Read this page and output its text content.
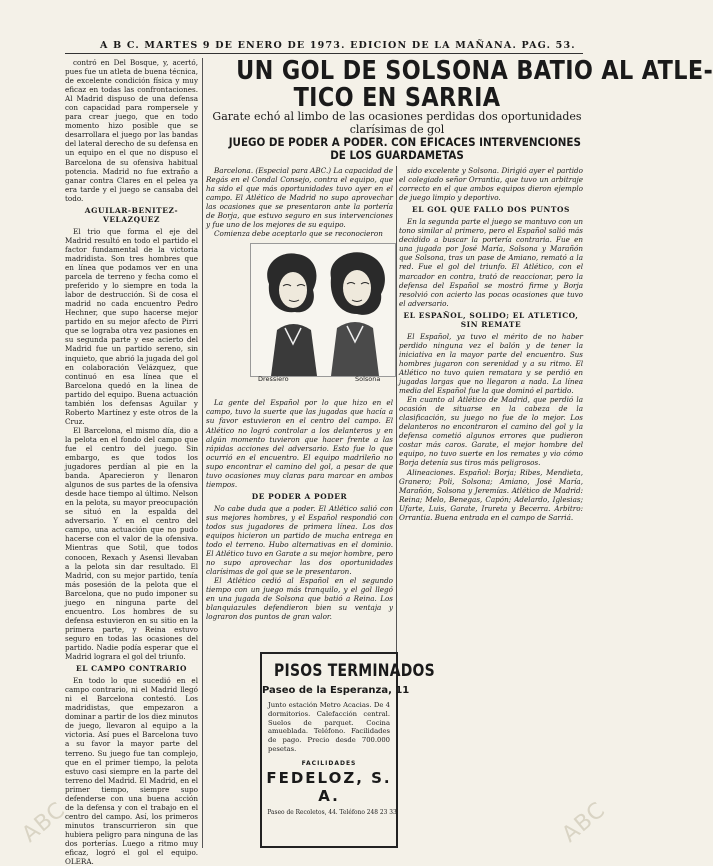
A B C. MARTES 9 DE ENERO DE 1973. EDICION DE LA MAÑANA. PAG. 53.

contró en Del Bosque, y, acertó, pues fue un atleta de buena técnica, de excelente condición física y muy eficaz en todas las confrontaciones. Al Madrid dispuso de una defensa con capacidad para rompersele y para crear juego, que en todo momento hizo posible que se desarrollara el juego por las bandas del lateral derecho de su defensa en un equipo en el que no dispuso el Barcelona de su ofensiva habitual potencia. Madrid no fue extraño a ganar contra Clares en el pelea ya era tarde y el juego se cansaba del todo.

AGUILAR-BENITEZ-VELAZQUEZ

El trio que forma el eje del Madrid resultó en todo el partido el factor fundamental de la victoria madridista. Son tres hombres que en línea que podamos ver en una parcela de terreno y fecha como el preferido y lo siempre en toda la labor de destrucción. Si de cosa el madrid no cada encuentro Pedro Hechner, que supo hacerse mejor partido en su mejor afecto de Pirri que se lograba otra vez pasiones en su segunda parte y ese acierto del Madrid fue un partido sereno, sin inquieto, que abrió la jugada del gol en colaboración Velázquez, que continuó en esa línea que el Barcelona quedó en la linea de partido del equipo. Buena actuación también los defensas Aguilar y Roberto Martínez y este otros de la Cruz.

El Barcelona, el mismo día, dio a la pelota en el fondo del campo que fue el centro del juego. Sin embargo, es que todos los jugadores perdían al pie en la banda. Aparecieron y llenaron algunos de sus partes de la ofensiva desde hace tiempo al último. Nelson en la pelota, su mayor preocupación se situó en la espalda del adversario. Y en el centro del campo, una actuación que no pudo hacerse con el valor de la ofensiva. Mientras que Sotil, que todos conocen, Rexach y Asensi llevaban a la pelota sin dar resultado. El Madrid, con su mejor partido, tenía más posesión de la pelota que el Barcelona, que no pudo imponer su juego en ninguna parte del encuentro. Los hombres de su defensa estuvieron en su sitio en la primera parte, y Reina estuvo seguro en todas las ocasiones del partido. Nadie podía esperar que el Madrid lograra el gol del triunfo.

EL CAMPO CONTRARIO

En todo lo que sucedió en el campo contrario, ni el Madrid llegó ni el Barcelona contestó. Los madridistas, que empezaron a dominar a partir de los diez minutos de juego, llevaron al equipo a la victoria. Así pues el Barcelona tuvo a su favor la mayor parte del terreno. Su juego fue tan complejo, que en el primer tiempo, la pelota estuvo casi siempre en la parte del terreno del Madrid. El Madrid, en el primer tiempo, siempre supo defenderse con una buena acción de la defensa y con el trabajo en el centro del campo. Así, los primeros minutos transcurrieron sin que hubiera peligro para ninguna de las dos porterías. Luego a ritmo muy eficaz, logró el gol el equipo. OLERA.

UN GOL DE SOLSONA BATIO AL ATLE-
TICO EN SARRIA
Garate echó al limbo de las ocasiones perdidas dos oportunidades clarísimas de gol
JUEGO DE PODER A PODER. CON EFICACES INTERVENCIONES
DE LOS GUARDAMETAS

Barcelona. (Especial para ABC.) La capacidad de Regás en el Condal Consejo, contra el equipo, que ha sido el que más oportunidades tuvo ayer en el campo. El Atlético de Madrid no supo aprovechar las ocasiones que se presentaron ante la portería de Borja, que estuvo seguro en sus intervenciones y fue uno de los mejores de su equipo.

Comienza debe aceptarlo que se reconocieron

La gente del Español por lo que hizo en el campo, tuvo la suerte que las jugadas que hacía a su favor estuvieron en el centro del campo. El Atlético no logró controlar a los delanteros y en algún momento tuvieron que hacer frente a las rápidas acciones del adversario. Esto fue lo que ocurrió en el encuentro. El equipo madrileño no supo encontrar el camino del gol, a pesar de que tuvo ocasiones muy claras para marcar en ambos tiempos.

DE PODER A PODER

No cabe duda que a poder. El Atlético salió con sus mejores hombres, y el Español respondió con todos sus jugadores de primera línea. Los dos equipos hicieron un partido de mucha entrega en todo el terreno. Hubo alternativas en el dominio. El Atlético tuvo en Garate a su mejor hombre, pero no supo aprovechar las dos oportunidades clarísimas de gol que se le presentaron.

El Atlético cedió al Español en el segundo tiempo con un juego más tranquilo, y el gol llegó en una jugada de Solsona que batió a Reina. Los blanquiazules defendieron bien su ventaja y lograron dos puntos de gran valor.

Dressiero	Solsona

sido excelente y Solsona. Dirigió ayer el partido el colegiado señor Orrantia, que tuvo un arbitraje correcto en el que ambos equipos dieron ejemplo de juego limpio y deportivo.

EL GOL QUE FALLO DOS PUNTOS

En la segunda parte el juego se mantuvo con un tono similar al primero, pero el Español salió más decidido a buscar la portería contraria. Fue en una jugada por José María, Solsona y Marañón que Solsona, tras un pase de Amiano, remató a la red. Fue el gol del triunfo. El Atlético, con el marcador en contra, trató de reaccionar, pero la defensa del Español se mostró firme y Borja resolvió con acierto las pocas ocasiones que tuvo el adversario.

EL ESPAÑOL, SOLIDO; EL ATLETICO, SIN REMATE

El Español, ya tuvo el mérito de no haber perdido ninguna vez el balón y de tener la iniciativa en la mayor parte del encuentro. Sus hombres jugaron con serenidad y a su ritmo. El Atlético no tuvo quien rematara y se perdió en jugadas largas que no llegaron a nada. La línea media del Español fue la que dominó el partido.

En cuanto al Atlético de Madrid, que perdió la ocasión de situarse en la cabeza de la clasificación, su juego no fue de lo mejor. Los delanteros no encontraron el camino del gol y la defensa cometió algunos errores que pudieron costar más caros. Garate, el mejor hombre del equipo, no tuvo suerte en los remates y vio cómo Borja detenía sus tiros más peligrosos.

Alineaciones. Español: Borja; Ribes, Mendieta, Granero; Poli, Solsona; Amiano, José María, Marañón, Solsona y Jeremías. Atlético de Madrid: Reina; Melo, Benegas, Capón; Adelardo, Iglesias; Ufarte, Luis, Garate, Irureta y Becerra. Arbitro: Orrantia. Buena entrada en el campo de Sarriá.

PISOS TERMINADOS
Paseo de la Esperanza, 11
Junto estación Metro Acacias. De 4 dormitorios. Calefacción central. Suelos de parquet. Cocina amueblada. Teléfono. Facilidades de pago. Precio desde 700.000 pesetas.
FACILIDADES
FEDELOZ, S. A.
Paseo de Recoletos, 44. Teléfono 248 23 33
ABC	ABC
